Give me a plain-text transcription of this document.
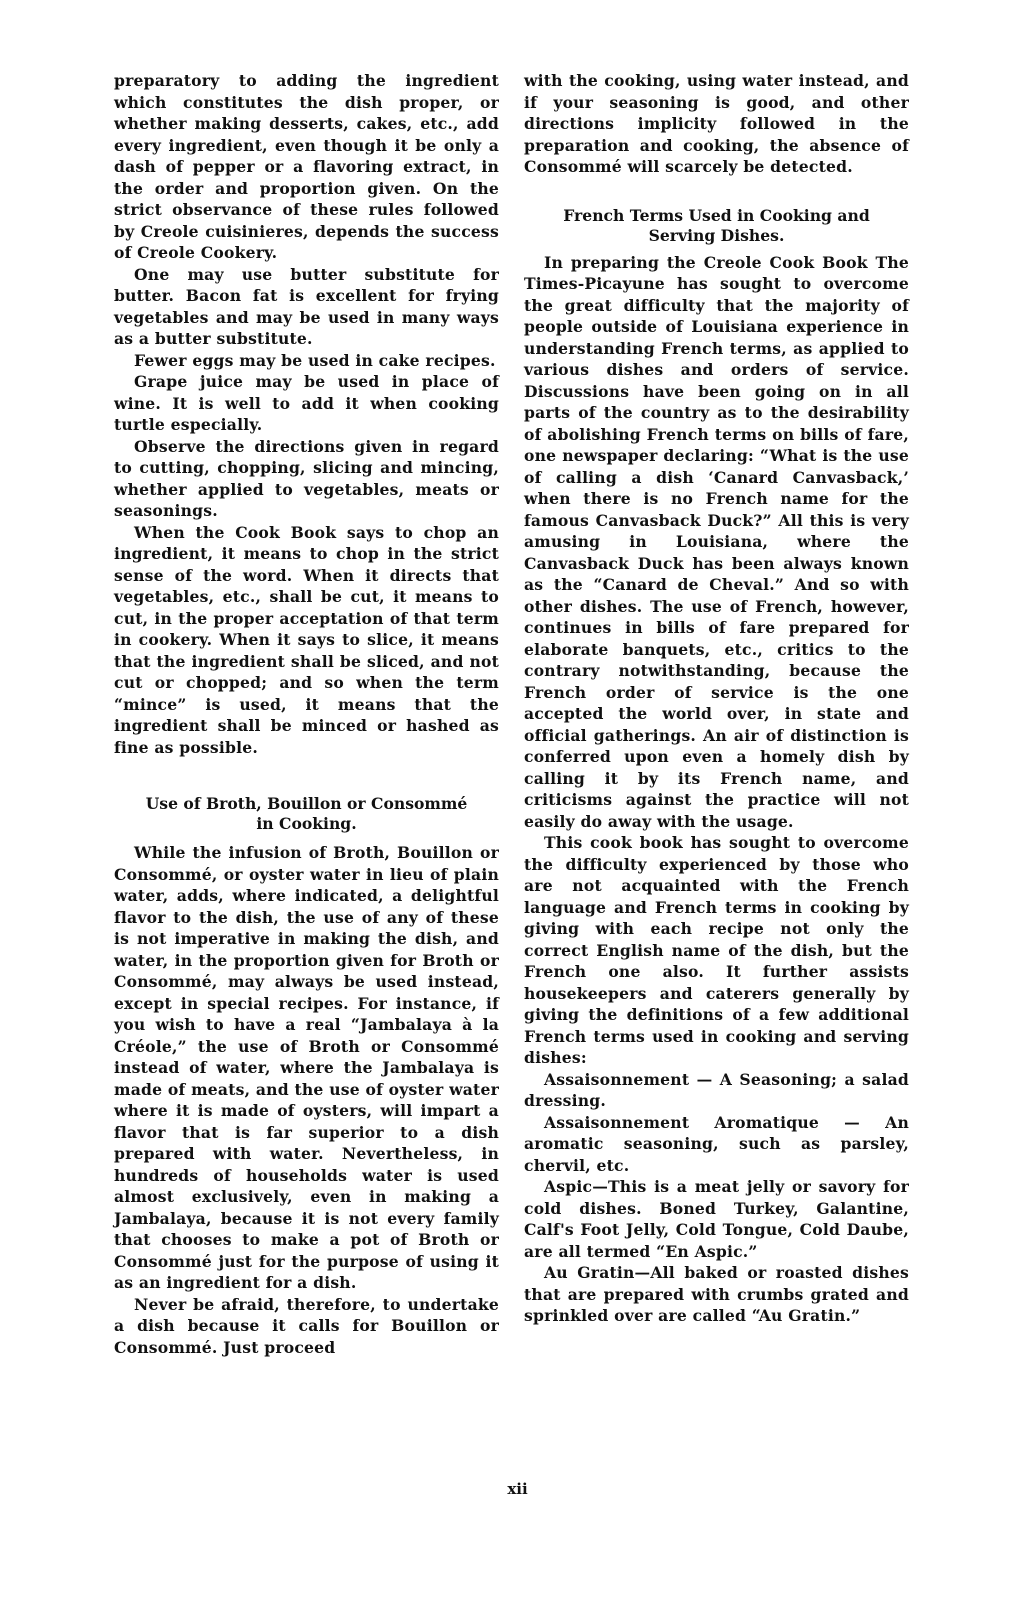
preparatory to adding the ingredient which constitutes the dish proper, or whether making desserts, cakes, etc., add every ingredient, even though it be only a dash of pepper or a flavoring extract, in the order and proportion given. On the strict observance of these rules followed by Creole cuisinieres, depends the success of Creole Cookery.

One may use butter substitute for butter. Bacon fat is excellent for frying vegetables and may be used in many ways as a butter substitute.

Fewer eggs may be used in cake recipes.

Grape juice may be used in place of wine. It is well to add it when cooking turtle especially.

Observe the directions given in regard to cutting, chopping, slicing and mincing, whether applied to vegetables, meats or seasonings.

When the Cook Book says to chop an ingredient, it means to chop in the strict sense of the word. When it directs that vegetables, etc., shall be cut, it means to cut, in the proper acceptation of that term in cookery. When it says to slice, it means that the ingredient shall be sliced, and not cut or chopped; and so when the term “mince” is used, it means that the ingredient shall be minced or hashed as fine as possible.

Use of Broth, Bouillon or Consommé
in Cooking.

While the infusion of Broth, Bouillon or Consommé, or oyster water in lieu of plain water, adds, where indicated, a delightful flavor to the dish, the use of any of these is not imperative in making the dish, and water, in the proportion given for Broth or Consommé, may always be used instead, except in special recipes. For instance, if you wish to have a real “Jambalaya à la Créole,” the use of Broth or Consommé instead of water, where the Jambalaya is made of meats, and the use of oyster water where it is made of oysters, will impart a flavor that is far superior to a dish prepared with water. Nevertheless, in hundreds of households water is used almost exclusively, even in making a Jambalaya, because it is not every family that chooses to make a pot of Broth or Consommé just for the purpose of using it as an ingredient for a dish.

Never be afraid, therefore, to undertake a dish because it calls for Bouillon or Consommé. Just proceed

with the cooking, using water instead, and if your seasoning is good, and other directions implicity followed in the preparation and cooking, the absence of Consommé will scarcely be detected.

French Terms Used in Cooking and
Serving Dishes.

In preparing the Creole Cook Book The Times-Picayune has sought to overcome the great difficulty that the majority of people outside of Louisiana experience in understanding French terms, as applied to various dishes and orders of service. Discussions have been going on in all parts of the country as to the desirability of abolishing French terms on bills of fare, one newspaper declaring: “What is the use of calling a dish ‘Canard Canvasback,’ when there is no French name for the famous Canvasback Duck?” All this is very amusing in Louisiana, where the Canvasback Duck has been always known as the “Canard de Cheval.” And so with other dishes. The use of French, however, continues in bills of fare prepared for elaborate banquets, etc., critics to the contrary notwithstanding, because the French order of service is the one accepted the world over, in state and official gatherings. An air of distinction is conferred upon even a homely dish by calling it by its French name, and criticisms against the practice will not easily do away with the usage.

This cook book has sought to overcome the difficulty experienced by those who are not acquainted with the French language and French terms in cooking by giving with each recipe not only the correct English name of the dish, but the French one also. It further assists housekeepers and caterers generally by giving the definitions of a few additional French terms used in cooking and serving dishes:

Assaisonnement — A Seasoning; a salad dressing.

Assaisonnement Aromatique — An aromatic seasoning, such as parsley, chervil, etc.

Aspic—This is a meat jelly or savory for cold dishes. Boned Turkey, Galantine, Calf's Foot Jelly, Cold Tongue, Cold Daube, are all termed “En Aspic.”

Au Gratin—All baked or roasted dishes that are prepared with crumbs grated and sprinkled over are called “Au Gratin.”

xii
